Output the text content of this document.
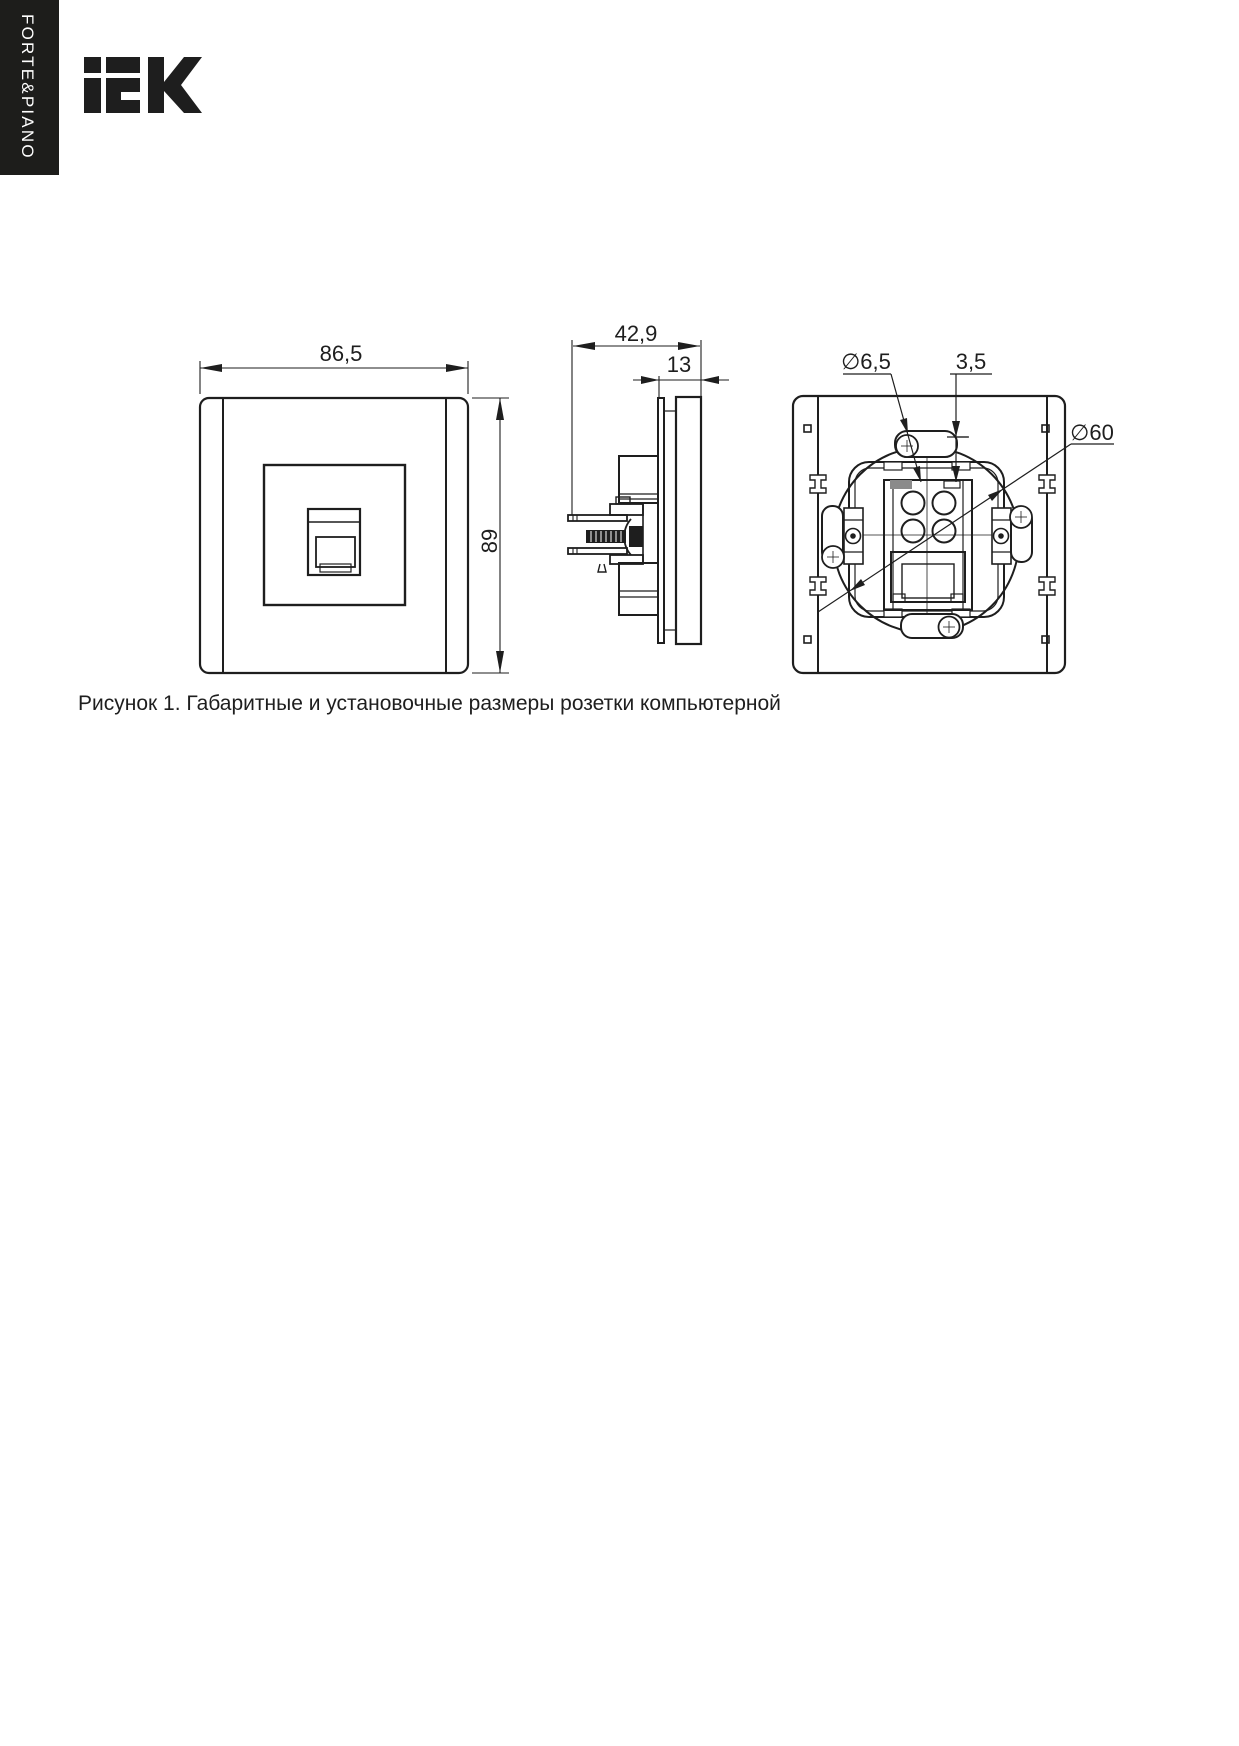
FORTE&PIANO
86,5
89
42,9
13	∅6,5	3,5
∅60
Рисунок 1. Габаритные и установочные размеры розетки компьютерной
